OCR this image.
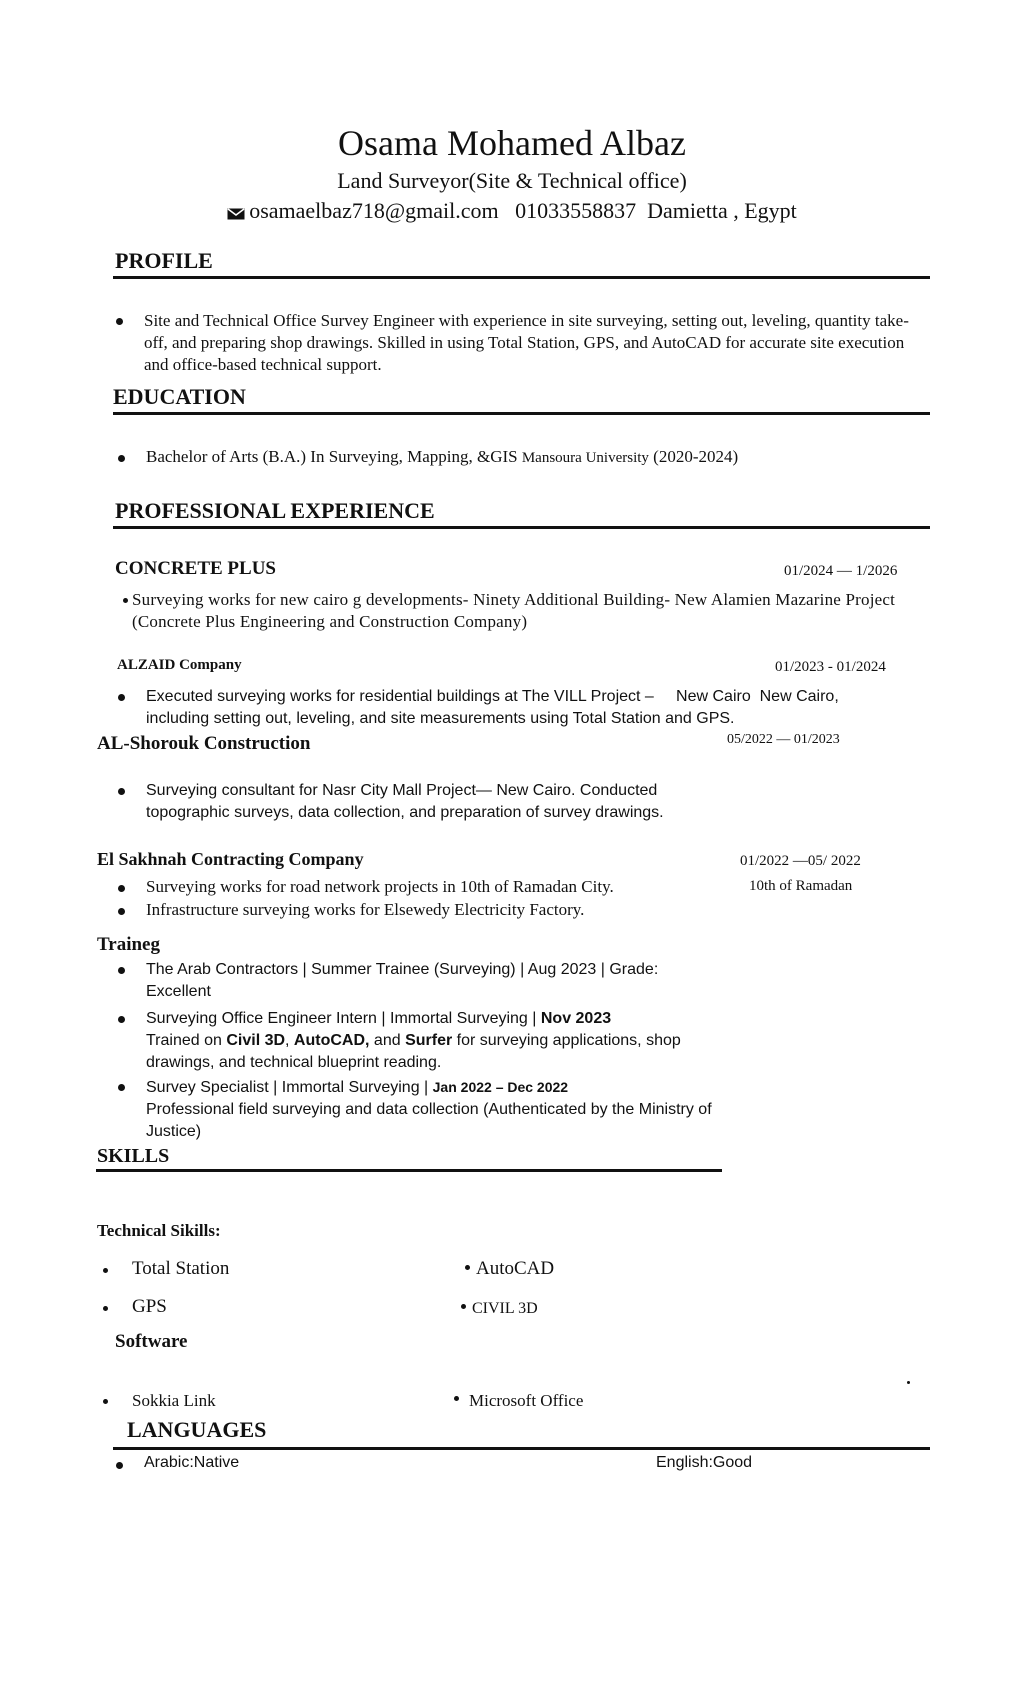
Osama Mohamed Albaz
Land Surveyor(Site & Technical office)
osamaelbaz718@gmail.com 01033558837 Damietta , Egypt
PROFILE

Site and Technical Office Survey Engineer with experience in site surveying, setting out, leveling, quantity take-off, and preparing shop drawings. Skilled in using Total Station, GPS, and AutoCAD for accurate site execution and office-based technical support.

EDUCATION
Bachelor of Arts (B.A.) In Surveying, Mapping, &GIS Mansoura University (2020-2024)
PROFESSIONAL EXPERIENCE
CONCRETE PLUS	01/2024 — 1/2026

Surveying works for new cairo g developments- Ninety Additional Building- New Alamien Mazarine Project (Concrete Plus Engineering and Construction Company)

ALZAID Company	01/2023 - 01/2024

Executed surveying works for residential buildings at The VILL Project –     New Cairo  New Cairo, including setting out, leveling, and site measurements using Total Station and GPS.

AL-Shorouk Construction	05/2022 — 01/2023

Surveying consultant for Nasr City Mall Project— New Cairo. Conducted topographic surveys, data collection, and preparation of survey drawings.

El Sakhnah Contracting Company	01/2022 —05/ 2022
Surveying works for road network projects in 10th of Ramadan City.	10th of Ramadan
Infrastructure surveying works for Elsewedy Electricity Factory.
Traineg

The Arab Contractors | Summer Trainee (Surveying) | Aug 2023 | Grade: Excellent

Surveying Office Engineer Intern | Immortal Surveying | Nov 2023
Trained on Civil 3D, AutoCAD, and Surfer for surveying applications, shop drawings, and technical blueprint reading.
Survey Specialist | Immortal Surveying | Jan 2022 – Dec 2022
Professional field surveying and data collection (Authenticated by the Ministry of Justice)
SKILLS
Technical Sikills:
Total Station	AutoCAD
GPS	CIVIL 3D
Software
Sokkia Link	Microsoft Office
LANGUAGES
Arabic:Native	English:Good
